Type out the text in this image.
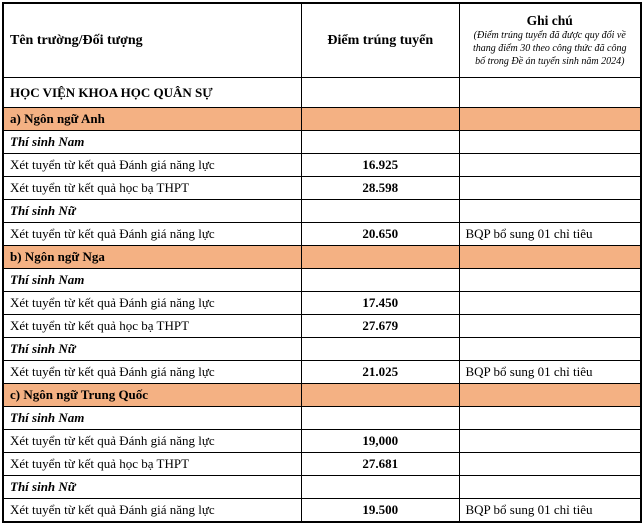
Tên trường/Đối tượng	Điểm trúng tuyển	Ghi chú
(Điểm trúng tuyển đã được quy đổi về thang điểm 30 theo công thức đã công bố trong Đề án tuyển sinh năm 2024)

HỌC VIỆN KHOA HỌC QUÂN SỰ		
a) Ngôn ngữ Anh		
Thí sinh Nam		
Xét tuyển từ kết quả Đánh giá năng lực	16.925	
Xét tuyển từ kết quả học bạ THPT	28.598	
Thí sinh Nữ		
Xét tuyển từ kết quả Đánh giá năng lực	20.650	BQP bổ sung 01 chỉ tiêu
b) Ngôn ngữ Nga		
Thí sinh Nam		
Xét tuyển từ kết quả Đánh giá năng lực	17.450	
Xét tuyển từ kết quả học bạ THPT	27.679	
Thí sinh Nữ		
Xét tuyển từ kết quả Đánh giá năng lực	21.025	BQP bổ sung 01 chỉ tiêu
c) Ngôn ngữ Trung Quốc		
Thí sinh Nam		
Xét tuyển từ kết quả Đánh giá năng lực	19,000	
Xét tuyển từ kết quả học bạ THPT	27.681	
Thí sinh Nữ		
Xét tuyển từ kết quả Đánh giá năng lực	19.500	BQP bổ sung 01 chỉ tiêu
